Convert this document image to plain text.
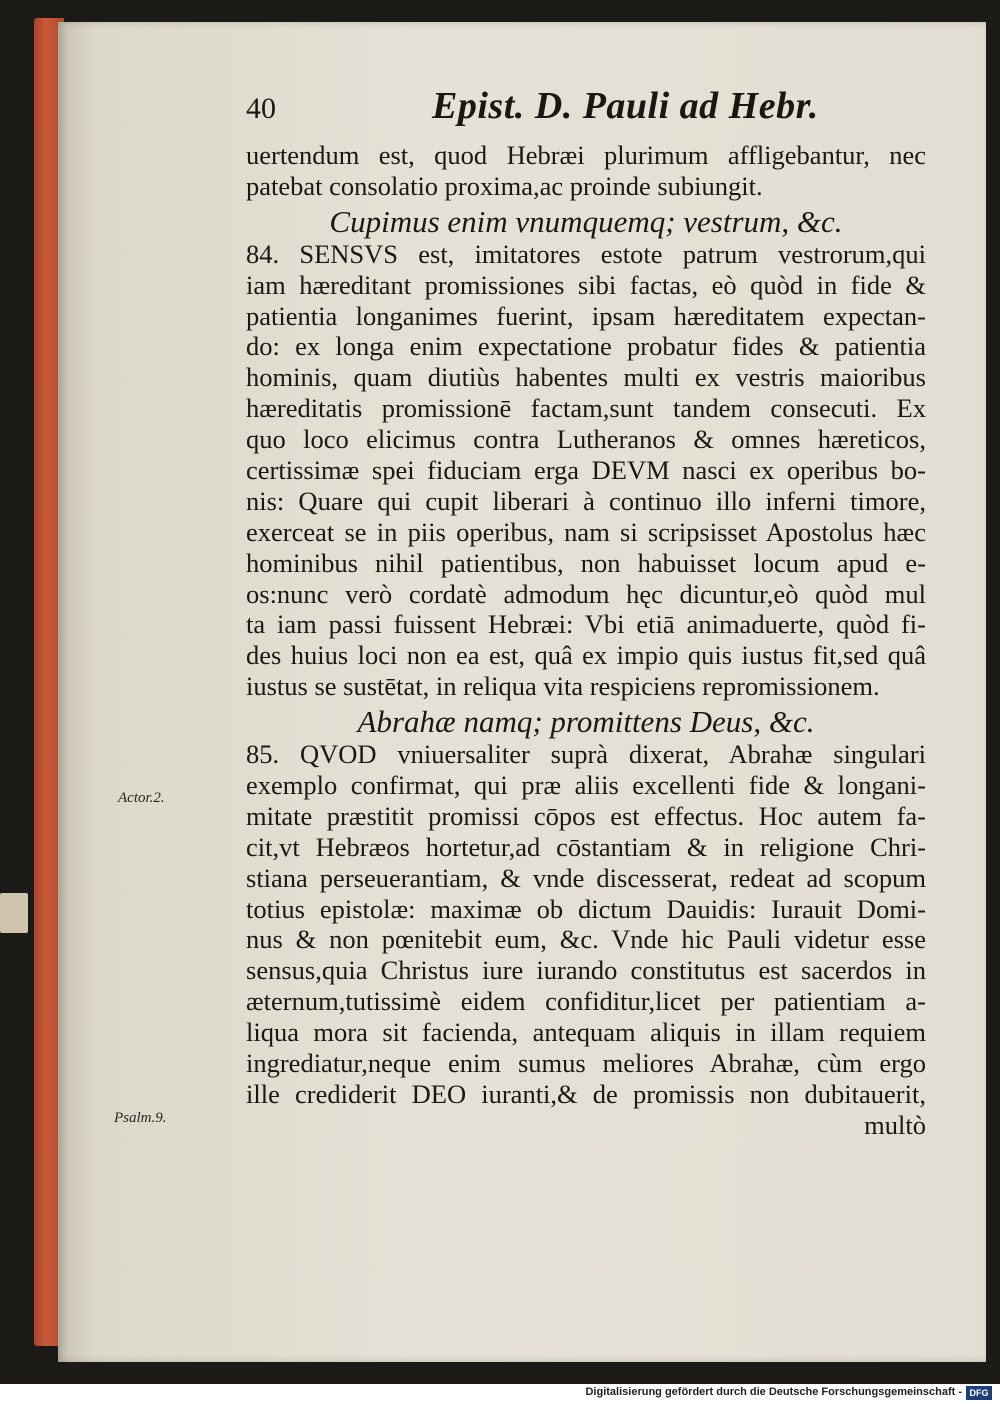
40	Epist. D. Pauli ad Hebr.
uertendum est, quod Hebræi plurimum affligebantur, nec
patebat consolatio proxima,ac proinde subiungit.
Cupimus enim vnumquemq; vestrum, &c.
84. SENSVS est, imitatores estote patrum vestrorum,qui
iam hæreditant promissiones sibi factas, eò quòd in fide &
patientia longanimes fuerint, ipsam hæreditatem expectan-
do: ex longa enim expectatione probatur fides & patientia
hominis, quam diutiùs habentes multi ex vestris maioribus
hæreditatis promissionē factam,sunt tandem consecuti. Ex
quo loco elicimus contra Lutheranos & omnes hæreticos,
certissimæ spei fiduciam erga DEVM nasci ex operibus bo-
nis: Quare qui cupit liberari à continuo illo inferni timore,
exerceat se in piis operibus, nam si scripsisset Apostolus hæc
hominibus nihil patientibus, non habuisset locum apud e-
os:nunc verò cordatè admodum hęc dicuntur,eò quòd mul
ta iam passi fuissent Hebræi: Vbi etiā animaduerte, quòd fi-
des huius loci non ea est, quâ ex impio quis iustus fit,sed quâ
iustus se sustētat, in reliqua vita respiciens repromissionem.
Abrahæ namq; promittens Deus, &c.
85. QVOD vniuersaliter suprà dixerat, Abrahæ singulari
exemplo confirmat, qui præ aliis excellenti fide & longani-
mitate præstitit promissi cōpos est effectus. Hoc autem fa-
cit,vt Hebræos hortetur,ad cōstantiam & in religione Chri-
stiana perseuerantiam, & vnde discesserat, redeat ad scopum
totius epistolæ: maximæ ob dictum Dauidis: Iurauit Domi-
nus & non pœnitebit eum, &c. Vnde hic Pauli videtur esse
sensus,quia Christus iure iurando constitutus est sacerdos in
æternum,tutissimè eidem confiditur,licet per patientiam a-
liqua mora sit facienda, antequam aliquis in illam requiem
ingrediatur,neque enim sumus meliores Abrahæ, cùm ergo
ille crediderit DEO iuranti,& de promissis non dubitauerit,
multò
Actor.2.
Psalm.9.
Digitalisierung gefördert durch die Deutsche Forschungsgemeinschaft - DFG
